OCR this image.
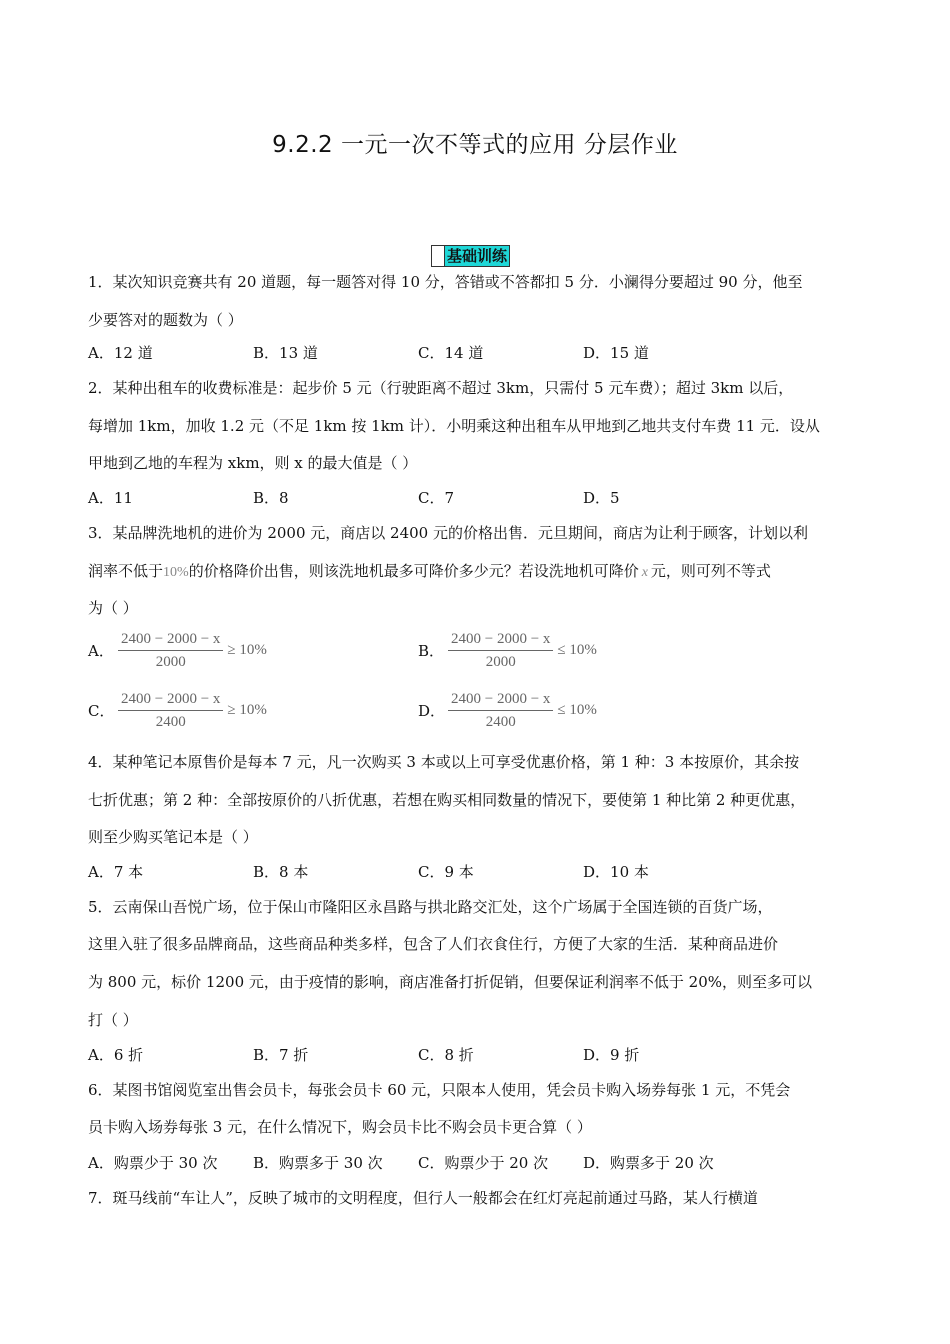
9.2.2 一元一次不等式的应用 分层作业
基础训练
1．某次知识竞赛共有 20 道题，每一题答对得 10 分，答错或不答都扣 5 分．小澜得分要超过 90 分，他至
少要答对的题数为（ ）
A．12 道	B．13 道	C．14 道	D．15 道
2．某种出租车的收费标准是：起步价 5 元（行驶距离不超过 3km，只需付 5 元车费）；超过 3km 以后，
每增加 1km，加收 1.2 元（不足 1km 按 1km 计）．小明乘这种出租车从甲地到乙地共支付车费 11 元．设从
甲地到乙地的车程为 xkm，则 x 的最大值是（ ）
A．11	B．8	C．7	D．5
3．某品牌洗地机的进价为 2000 元，商店以 2400 元的价格出售．元旦期间，商店为让利于顾客，计划以利
润率不低于10%的价格降价出售，则该洗地机最多可降价多少元？若设洗地机可降价 x 元，则可列不等式
为（ ）
A． $\frac{2400 - 2000 - x}{2000} \ge 10\%$	B． $\frac{2400 - 2000 - x}{2000} \le 10\%$
C． $\frac{2400 - 2000 - x}{2400} \ge 10\%$	D． $\frac{2400 - 2000 - x}{2400} \le 10\%$
4．某种笔记本原售价是每本 7 元，凡一次购买 3 本或以上可享受优惠价格，第 1 种：3 本按原价，其余按
七折优惠；第 2 种：全部按原价的八折优惠，若想在购买相同数量的情况下，要使第 1 种比第 2 种更优惠，
则至少购买笔记本是（ ）
A．7 本	B．8 本	C．9 本	D．10 本
5．云南保山吾悦广场，位于保山市隆阳区永昌路与拱北路交汇处，这个广场属于全国连锁的百货广场，
这里入驻了很多品牌商品，这些商品种类多样，包含了人们衣食住行，方便了大家的生活．某种商品进价
为 800 元，标价 1200 元，由于疫情的影响，商店准备打折促销，但要保证利润率不低于 20%，则至多可以
打（ ）
A．6 折	B．7 折	C．8 折	D．9 折
6．某图书馆阅览室出售会员卡，每张会员卡 60 元，只限本人使用，凭会员卡购入场券每张 1 元，不凭会
员卡购入场券每张 3 元，在什么情况下，购会员卡比不购会员卡更合算（ ）
A．购票少于 30 次 B．购票多于 30 次 C．购票少于 20 次 D．购票多于 20 次
7．斑马线前“车让人”，反映了城市的文明程度，但行人一般都会在红灯亮起前通过马路，某人行横道
